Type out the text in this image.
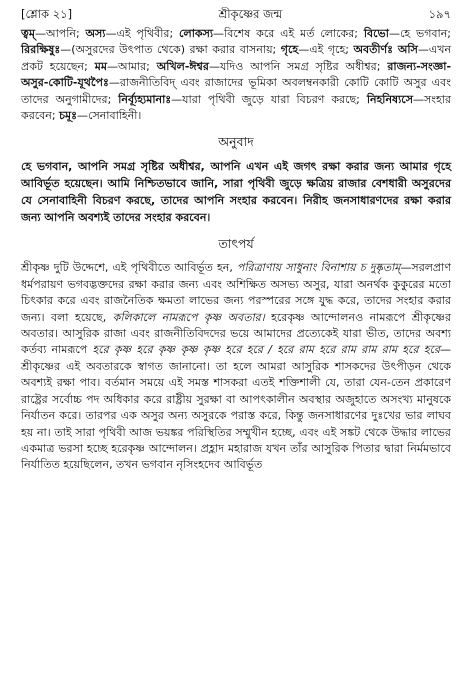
[শ্লোক ২১]	শ্রীকৃষ্ণের জন্ম	১৯৭

ত্বম্—আপনি; অস্য—এই পৃথিবীর; লোকস্য—বিশেষ করে এই মর্ত লোকের; বিভো—হে ভগবান; রিরক্ষিষুঃ—(অসুরদের উৎপাত থেকে) রক্ষা করার বাসনায়; গৃহে—এই গৃহে; অবতীর্ণঃ অসি—এখন প্রকট হয়েছেন; মম—আমার; অখিল-ঈশ্বর—যদিও আপনি সমগ্র সৃষ্টির অধীশ্বর; রাজন্য-সংজ্ঞা-অসুর-কোটি-যূথপৈঃ—রাজনীতিবিদ্ এবং রাজাদের ভূমিকা অবলম্বনকারী কোটি কোটি অসুর এবং তাদের অনুগামীদের; নির্ব্যূহ্যমানাঃ—যারা পৃথিবী জুড়ে যারা বিচরণ করছে; নিহনিষ্যসে—সংহার করবেন; চমূঃ—সেনাবাহিনী।

অনুবাদ

হে ভগবান, আপনি সমগ্র সৃষ্টির অধীশ্বর, আপনি এখন এই জগৎ রক্ষা করার জন্য আমার গৃহে আবির্ভূত হয়েছেন। আমি নিশ্চিতভাবে জানি, সারা পৃথিবী জুড়ে ক্ষত্রিয় রাজার বেশধারী অসুরদের যে সেনাবাহিনী বিচরণ করছে, তাদের আপনি সংহার করবেন। নিরীহ জনসাধারণদের রক্ষা করার জন্য আপনি অবশ্যই তাদের সংহার করবেন।

তাৎপর্য

শ্রীকৃষ্ণ দুটি উদ্দেশে, এই পৃথিবীতে আবির্ভূত হন, পরিত্রাণায় সাধুনাং বিনাশায় চ দুষ্কৃতাম্—সরলপ্রাণ ধর্মপরায়ণ ভগবদ্ভক্তদের রক্ষা করার জন্য এবং অশিক্ষিত অসভ্য অসুর, যারা অনর্থক কুকুরের মতো চিৎকার করে এবং রাজনৈতিক ক্ষমতা লাভের জন্য পরস্পরের সঙ্গে যুদ্ধ করে, তাদের সংহার করার জন্য। বলা হয়েছে, কলিকালে নামরূপে কৃষ্ণ অবতার। হরেকৃষ্ণ আন্দোলনও নামরূপে শ্রীকৃষ্ণের অবতার। আসুরিক রাজা এবং রাজনীতিবিদদের ভয়ে আমাদের প্রত্যেকেই যারা ভীত, তাদের অবশ্য কর্তব্য নামরূপে হরে কৃষ্ণ হরে কৃষ্ণ কৃষ্ণ কৃষ্ণ হরে হরে / হরে রাম হরে রাম রাম রাম হরে হরে—শ্রীকৃষ্ণের এই অবতারকে স্বাগত জানানো। তা হলে আমরা আসুরিক শাসকদের উৎপীড়ন থেকে অবশ্যই রক্ষা পাব। বর্তমান সময়ে এই সমস্ত শাসকরা এতই শক্তিশালী যে, তারা যেন-তেন প্রকারেণ রাষ্ট্রের সর্বোচ্চ পদ অধিকার করে রাষ্ট্রীয় সুরক্ষা বা আপৎকালীন অবস্থার অজুহাতে অসংখ্য মানুষকে নির্যাতন করে। তারপর এক অসুর অন্য অসুরকে পরাস্ত করে, কিন্তু জনসাধারণের দুঃখের ভার লাঘব হয় না। তাই সারা পৃথিবী আজ ভয়ঙ্কর পরিস্থিতির সম্মুখীন হচ্ছে, এবং এই সঙ্কট থেকে উদ্ধার লাভের একমাত্র ভরসা হচ্ছে হরেকৃষ্ণ আন্দোলন। প্রহ্লাদ মহারাজ যখন তাঁর আসুরিক পিতার দ্বারা নির্মমভাবে নির্যাতিত হয়েছিলেন, তখন ভগবান নৃসিংহদেব আবির্ভূত
